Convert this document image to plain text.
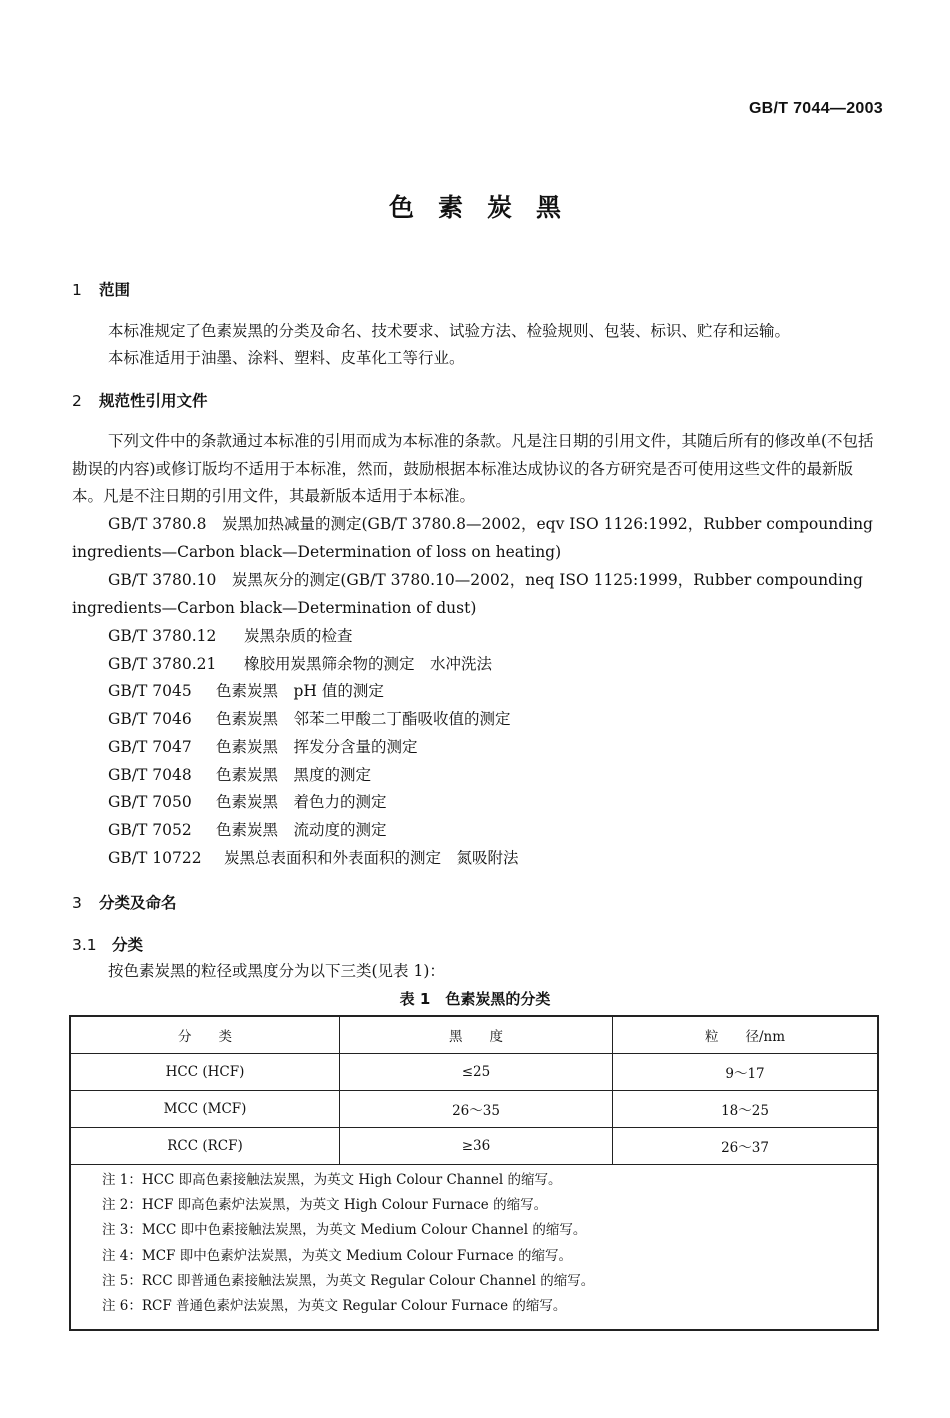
GB/T 7044—2003
色素炭黑
1 范围
本标准规定了色素炭黑的分类及命名、技术要求、试验方法、检验规则、包装、标识、贮存和运输。
本标准适用于油墨、涂料、塑料、皮革化工等行业。
2 规范性引用文件
下列文件中的条款通过本标准的引用而成为本标准的条款。凡是注日期的引用文件，其随后所有的修改单(不包括勘误的内容)或修订版均不适用于本标准，然而，鼓励根据本标准达成协议的各方研究是否可使用这些文件的最新版本。凡是不注日期的引用文件，其最新版本适用于本标准。
GB/T 3780.8　炭黑加热减量的测定(GB/T 3780.8—2002，eqv ISO 1126:1992，Rubber compounding ingredients—Carbon black—Determination of loss on heating)
GB/T 3780.10　炭黑灰分的测定(GB/T 3780.10—2002，neq ISO 1125:1999，Rubber compounding ingredients—Carbon black—Determination of dust)
GB/T 3780.12 炭黑杂质的检查
GB/T 3780.21 橡胶用炭黑筛余物的测定　水冲洗法
GB/T 7045 色素炭黑　pH 值的测定
GB/T 7046 色素炭黑　邻苯二甲酸二丁酯吸收值的测定
GB/T 7047 色素炭黑　挥发分含量的测定
GB/T 7048 色素炭黑　黑度的测定
GB/T 7050 色素炭黑　着色力的测定
GB/T 7052 色素炭黑　流动度的测定
GB/T 10722 炭黑总表面积和外表面积的测定　氮吸附法
3 分类及命名
3.1 分类
按色素炭黑的粒径或黑度分为以下三类(见表 1)：
表 1　色素炭黑的分类
分　　类	黑　　度	粒　　径/nm
HCC (HCF)	≤25	9～17
MCC (MCF)	26～35	18～25
RCC (RCF)	≥36	26～37
注 1：HCC 即高色素接触法炭黑，为英文 High Colour Channel 的缩写。
注 2：HCF 即高色素炉法炭黑，为英文 High Colour Furnace 的缩写。
注 3：MCC 即中色素接触法炭黑，为英文 Medium Colour Channel 的缩写。
注 4：MCF 即中色素炉法炭黑，为英文 Medium Colour Furnace 的缩写。
注 5：RCC 即普通色素接触法炭黑，为英文 Regular Colour Channel 的缩写。
注 6：RCF 普通色素炉法炭黑，为英文 Regular Colour Furnace 的缩写。
